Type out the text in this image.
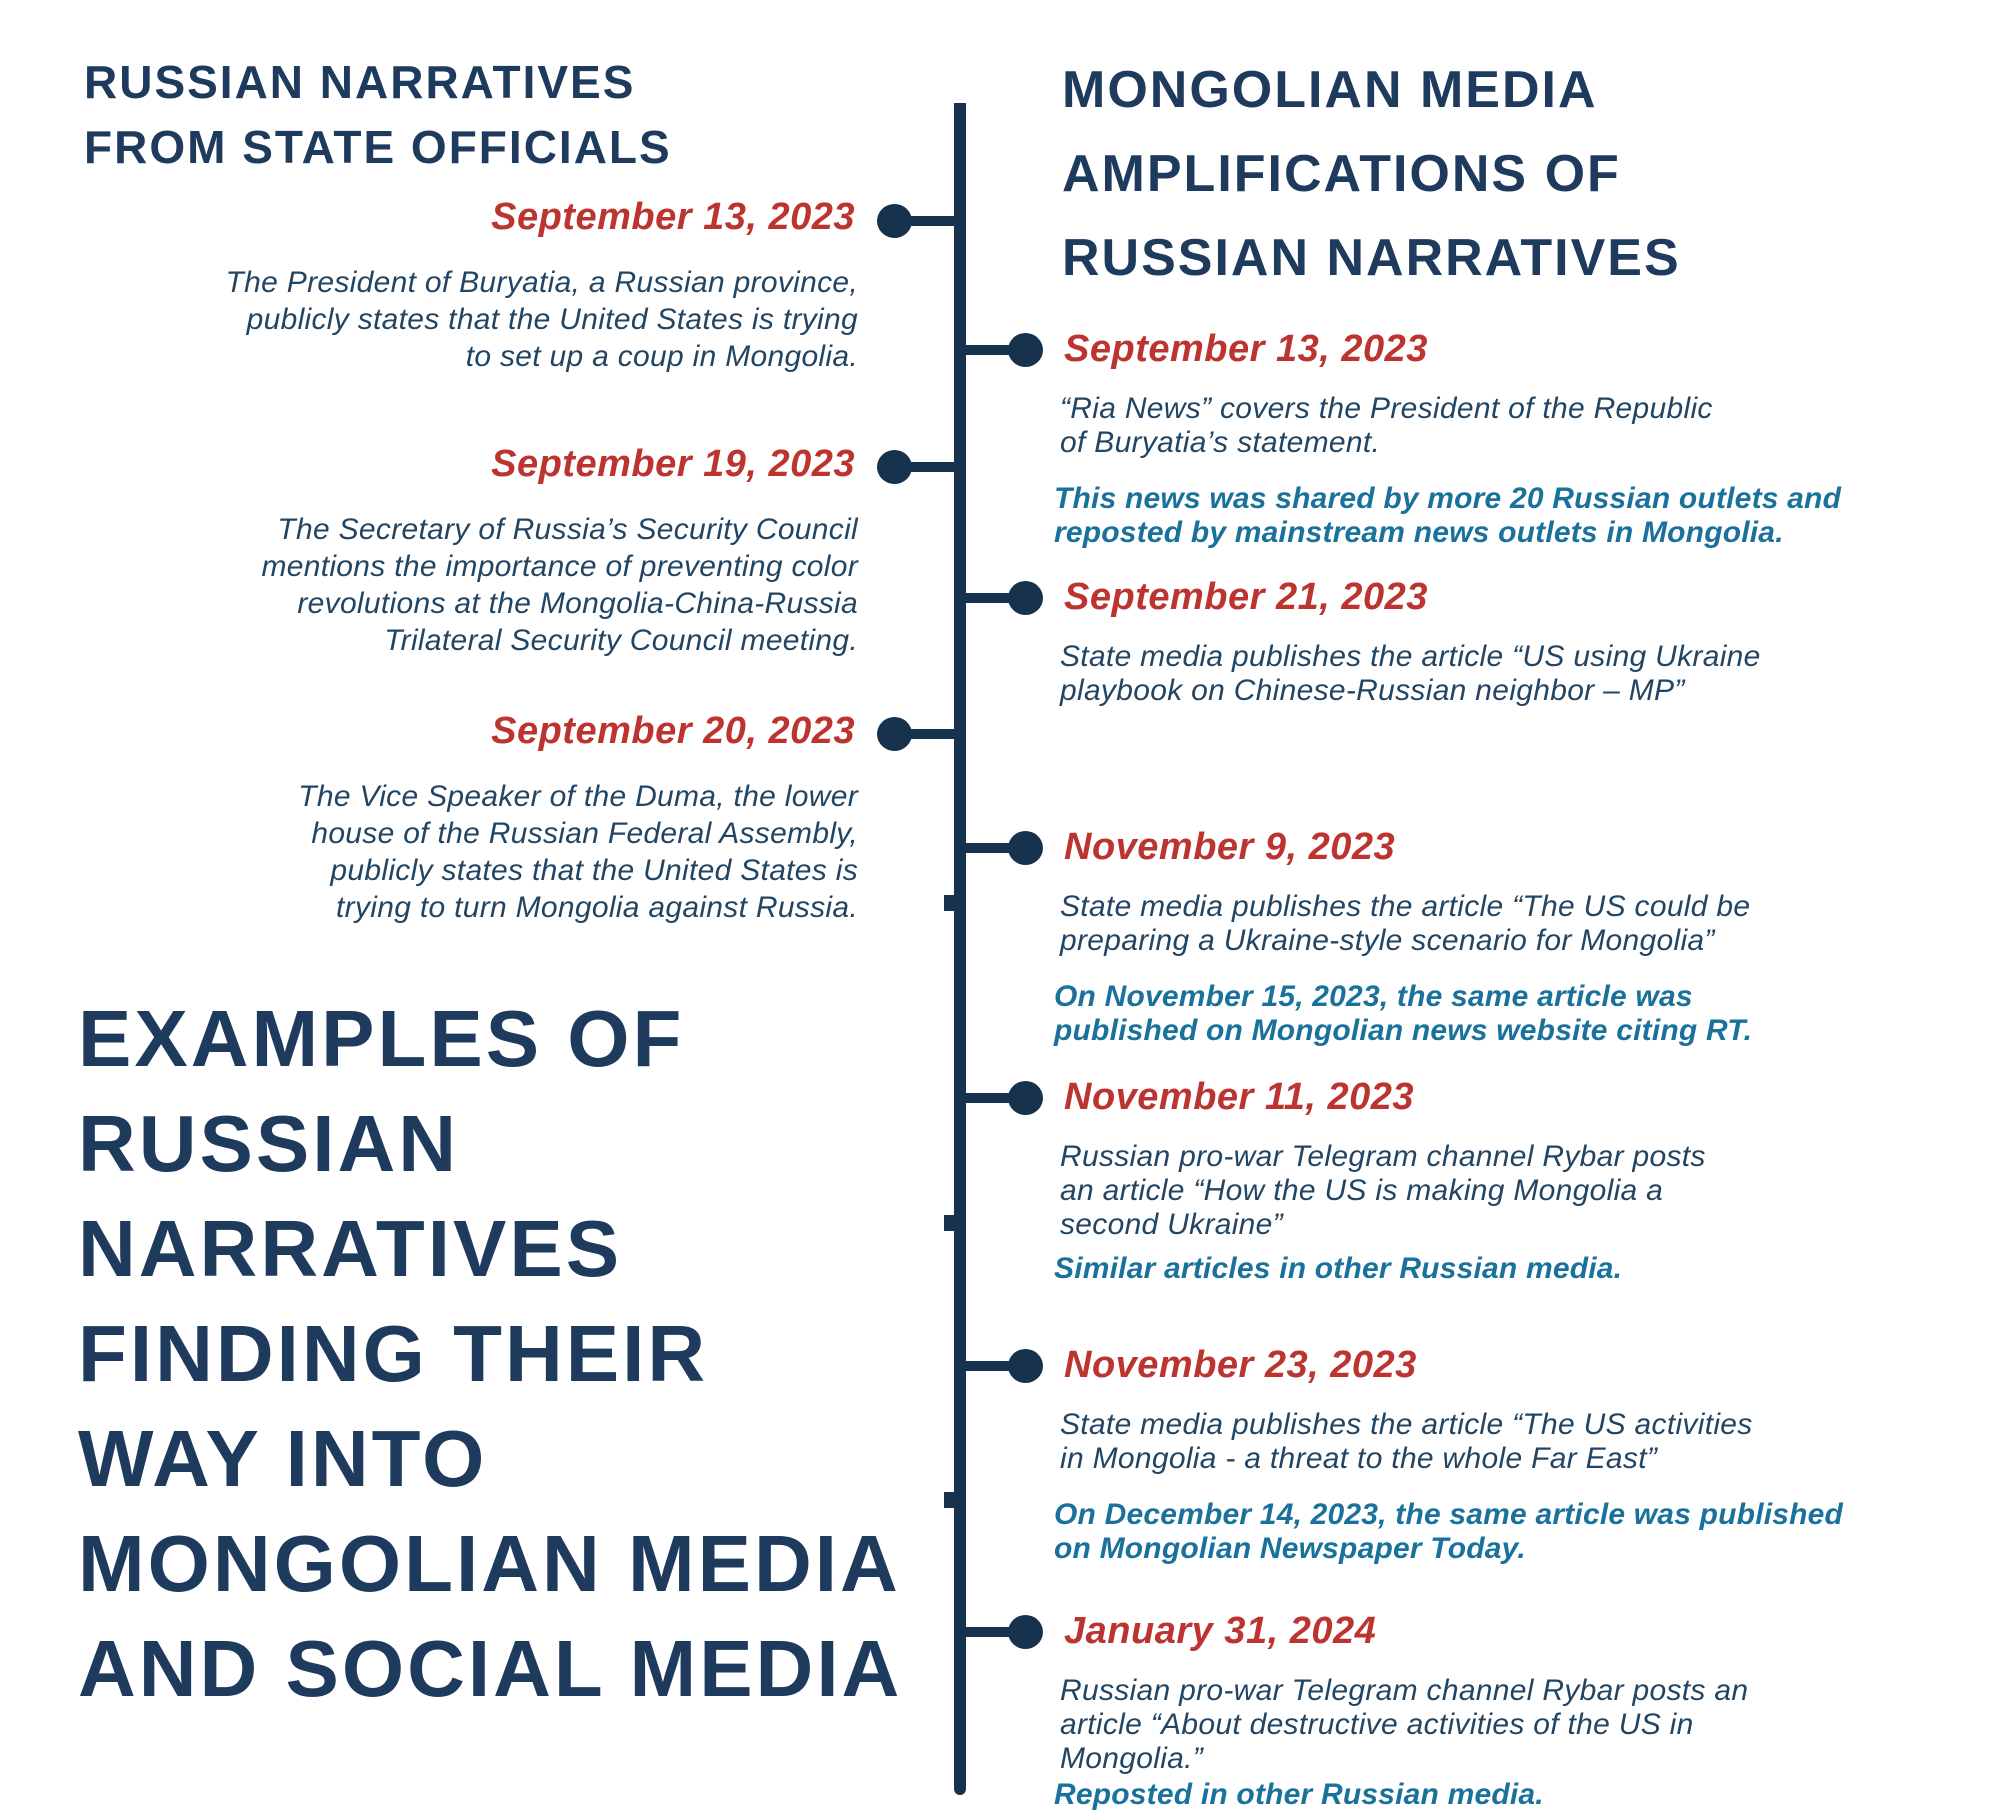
RUSSIAN NARRATIVES
FROM STATE OFFICIALS
MONGOLIAN MEDIA
AMPLIFICATIONS OF
RUSSIAN NARRATIVES
EXAMPLES OF
RUSSIAN
NARRATIVES
FINDING THEIR
WAY INTO
MONGOLIAN MEDIA
AND SOCIAL MEDIA
September 13, 2023
The President of Buryatia, a Russian province,
publicly states that the United States is trying
to set up a coup in Mongolia.
September 19, 2023
The Secretary of Russia’s Security Council
mentions the importance of preventing color
revolutions at the Mongolia-China-Russia
Trilateral Security Council meeting.
September 20, 2023
The Vice Speaker of the Duma, the lower
house of the Russian Federal Assembly,
publicly states that the United States is
trying to turn Mongolia against Russia.
September 13, 2023
“Ria News” covers the President of the Republic
of Buryatia’s statement.
This news was shared by more 20 Russian outlets and
reposted by mainstream news outlets in Mongolia.
September 21, 2023
State media publishes the article “US using Ukraine
playbook on Chinese-Russian neighbor – MP”
November 9, 2023
State media publishes the article “The US could be
preparing a Ukraine-style scenario for Mongolia”
On November 15, 2023, the same article was
published on Mongolian news website citing RT.
November 11, 2023
Russian pro-war Telegram channel Rybar posts
an article “How the US is making Mongolia a
second Ukraine”
Similar articles in other Russian media.
November 23, 2023
State media publishes the article “The US activities
in Mongolia - a threat to the whole Far East”
On December 14, 2023, the same article was published
on Mongolian Newspaper Today.
January 31, 2024
Russian pro-war Telegram channel Rybar posts an
article “About destructive activities of the US in
Mongolia.”
Reposted in other Russian media.
